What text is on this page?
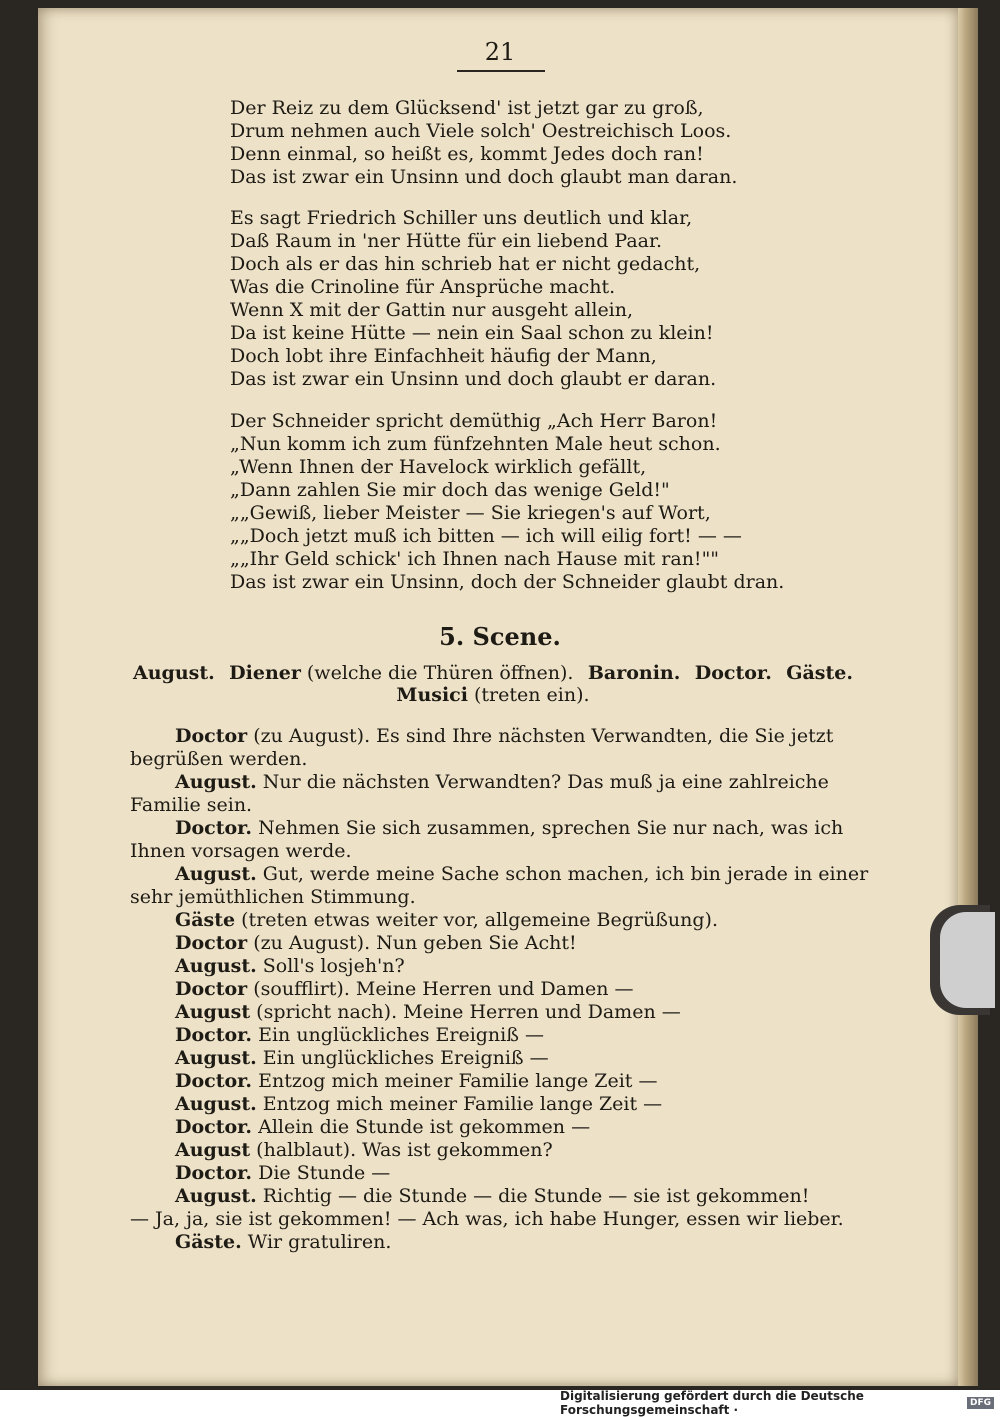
21
Der Reiz zu dem Glücksend' ist jetzt gar zu groß,
Drum nehmen auch Viele solch' Oestreichisch Loos.
Denn einmal, so heißt es, kommt Jedes doch ran!
Das ist zwar ein Unsinn und doch glaubt man daran.
Es sagt Friedrich Schiller uns deutlich und klar,
Daß Raum in 'ner Hütte für ein liebend Paar.
Doch als er das hin schrieb hat er nicht gedacht,
Was die Crinoline für Ansprüche macht.
Wenn X mit der Gattin nur ausgeht allein,
Da ist keine Hütte — nein ein Saal schon zu klein!
Doch lobt ihre Einfachheit häufig der Mann,
Das ist zwar ein Unsinn und doch glaubt er daran.
Der Schneider spricht demüthig „Ach Herr Baron!
„Nun komm ich zum fünfzehnten Male heut schon.
„Wenn Ihnen der Havelock wirklich gefällt,
„Dann zahlen Sie mir doch das wenige Geld!"
„„Gewiß, lieber Meister — Sie kriegen's auf Wort,
„„Doch jetzt muß ich bitten — ich will eilig fort! — —
„„Ihr Geld schick' ich Ihnen nach Hause mit ran!""
Das ist zwar ein Unsinn, doch der Schneider glaubt dran.
5. Scene.
August. Diener (welche die Thüren öffnen). Baronin. Doctor. Gäste.
Musici (treten ein).
Doctor (zu August). Es sind Ihre nächsten Verwandten, die Sie jetzt
begrüßen werden.
August. Nur die nächsten Verwandten? Das muß ja eine zahlreiche
Familie sein.
Doctor. Nehmen Sie sich zusammen, sprechen Sie nur nach, was ich
Ihnen vorsagen werde.
August. Gut, werde meine Sache schon machen, ich bin jerade in einer
sehr jemüthlichen Stimmung.
Gäste (treten etwas weiter vor, allgemeine Begrüßung).
Doctor (zu August). Nun geben Sie Acht!
August. Soll's losjeh'n?
Doctor (soufflirt). Meine Herren und Damen —
August (spricht nach). Meine Herren und Damen —
Doctor. Ein unglückliches Ereigniß —
August. Ein unglückliches Ereigniß —
Doctor. Entzog mich meiner Familie lange Zeit —
August. Entzog mich meiner Familie lange Zeit —
Doctor. Allein die Stunde ist gekommen —
August (halblaut). Was ist gekommen?
Doctor. Die Stunde —
August. Richtig — die Stunde — die Stunde — sie ist gekommen!
— Ja, ja, sie ist gekommen! — Ach was, ich habe Hunger, essen wir lieber.
Gäste. Wir gratuliren.
Digitalisierung gefördert durch die Deutsche Forschungsgemeinschaft ·	DFG
